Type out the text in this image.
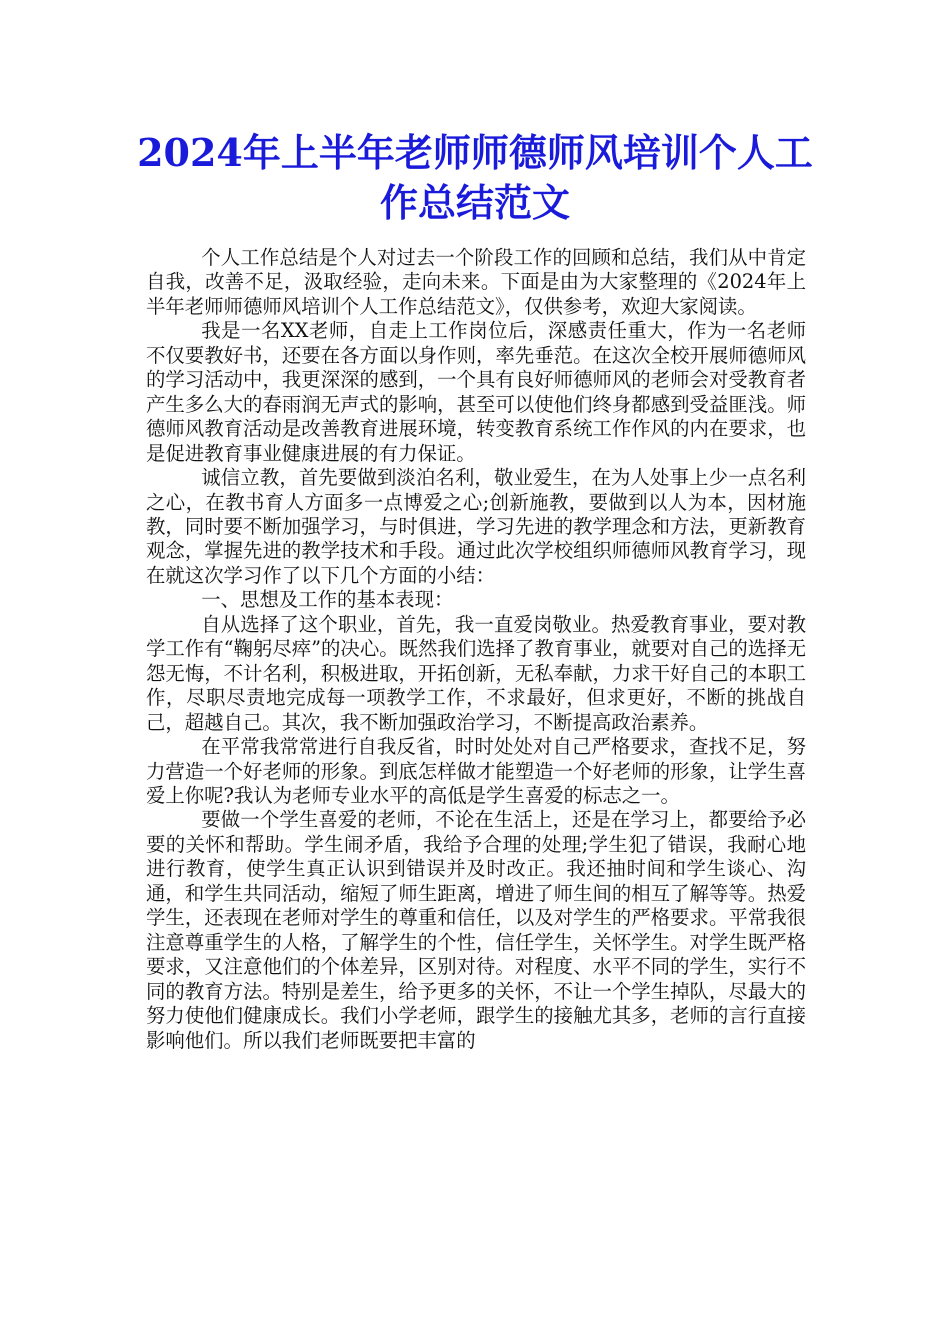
2024年上半年老师师德师风培训个人工作总结范文

个人工作总结是个人对过去一个阶段工作的回顾和总结，我们从中肯定自我，改善不足，汲取经验，走向未来。下面是由为大家整理的《2024年上半年老师师德师风培训个人工作总结范文》，仅供参考，欢迎大家阅读。

我是一名XX老师，自走上工作岗位后，深感责任重大，作为一名老师不仅要教好书，还要在各方面以身作则，率先垂范。在这次全校开展师德师风的学习活动中，我更深深的感到，一个具有良好师德师风的老师会对受教育者产生多么大的春雨润无声式的影响，甚至可以使他们终身都感到受益匪浅。师德师风教育活动是改善教育进展环境，转变教育系统工作作风的内在要求，也是促进教育事业健康进展的有力保证。

诚信立教，首先要做到淡泊名利，敬业爱生，在为人处事上少一点名利之心，在教书育人方面多一点博爱之心;创新施教，要做到以人为本，因材施教，同时要不断加强学习，与时俱进，学习先进的教学理念和方法，更新教育观念，掌握先进的教学技术和手段。通过此次学校组织师德师风教育学习，现在就这次学习作了以下几个方面的小结：

一、思想及工作的基本表现：

自从选择了这个职业，首先，我一直爱岗敬业。热爱教育事业，要对教学工作有“鞠躬尽瘁”的决心。既然我们选择了教育事业，就要对自己的选择无怨无悔，不计名利，积极进取，开拓创新，无私奉献，力求干好自己的本职工作，尽职尽责地完成每一项教学工作，不求最好，但求更好，不断的挑战自己，超越自己。其次，我不断加强政治学习，不断提高政治素养。

在平常我常常进行自我反省，时时处处对自己严格要求，查找不足，努力营造一个好老师的形象。到底怎样做才能塑造一个好老师的形象，让学生喜爱上你呢?我认为老师专业水平的高低是学生喜爱的标志之一。

要做一个学生喜爱的老师，不论在生活上，还是在学习上，都要给予必要的关怀和帮助。学生闹矛盾，我给予合理的处理;学生犯了错误，我耐心地进行教育，使学生真正认识到错误并及时改正。我还抽时间和学生谈心、沟通，和学生共同活动，缩短了师生距离，增进了师生间的相互了解等等。热爱学生，还表现在老师对学生的尊重和信任，以及对学生的严格要求。平常我很注意尊重学生的人格，了解学生的个性，信任学生，关怀学生。对学生既严格要求，又注意他们的个体差异，区别对待。对程度、水平不同的学生，实行不同的教育方法。特别是差生，给予更多的关怀，不让一个学生掉队，尽最大的努力使他们健康成长。我们小学老师，跟学生的接触尤其多，老师的言行直接影响他们。所以我们老师既要把丰富的
